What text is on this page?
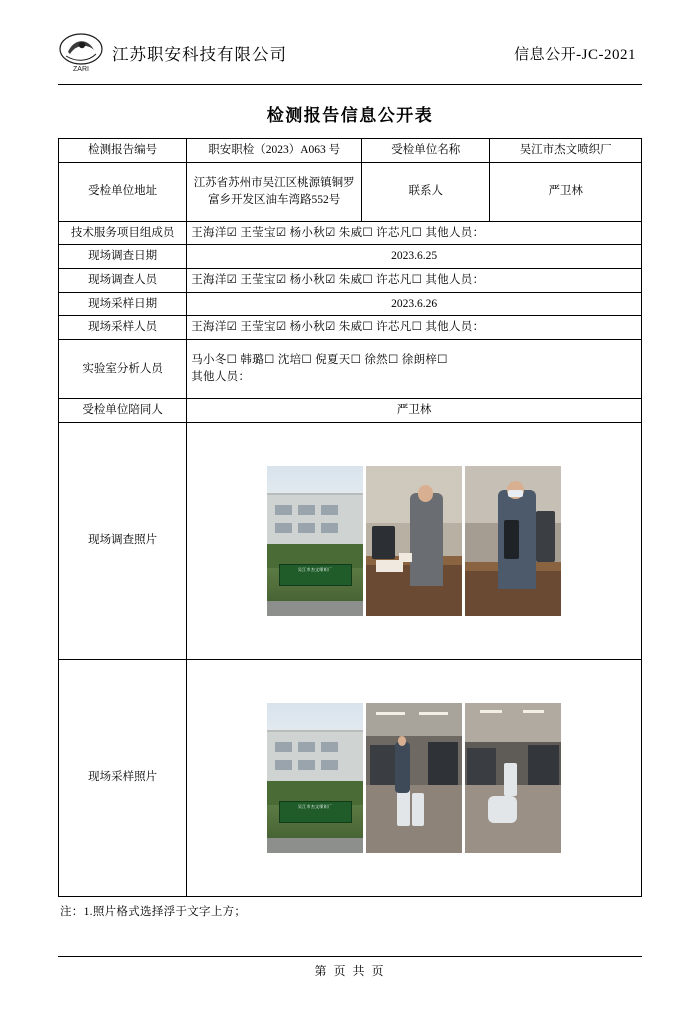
ZARI
江苏职安科技有限公司	信息公开-JC-2021
检测报告信息公开表
检测报告编号	职安职检（2023）A063 号	受检单位名称	吴江市杰文喷织厂
受检单位地址	江苏省苏州市吴江区桃源镇铜罗富乡开发区油车湾路552号	联系人	严卫林
技术服务项目组成员	王海洋☑ 王莹宝☑ 杨小秋☑ 朱威☐ 许芯凡☐ 其他人员：		
现场调查日期	2023.6.25		
现场调查人员	王海洋☑ 王莹宝☑ 杨小秋☑ 朱威☐ 许芯凡☐ 其他人员：		
现场采样日期	2023.6.26		
现场采样人员	王海洋☑ 王莹宝☑ 杨小秋☑ 朱威☐ 许芯凡☐ 其他人员：		
实验室分析人员	马小冬☐ 韩璐☐ 沈培☐ 倪夏天☐ 徐然☐ 徐朗梓☐
其他人员：		

受检单位陪同人	严卫林		
现场调查照片	吴江市杰文喷织厂		

现场采样照片	吴江市杰文喷织厂		
注：1.照片格式选择浮于文字上方；
第 页 共 页
